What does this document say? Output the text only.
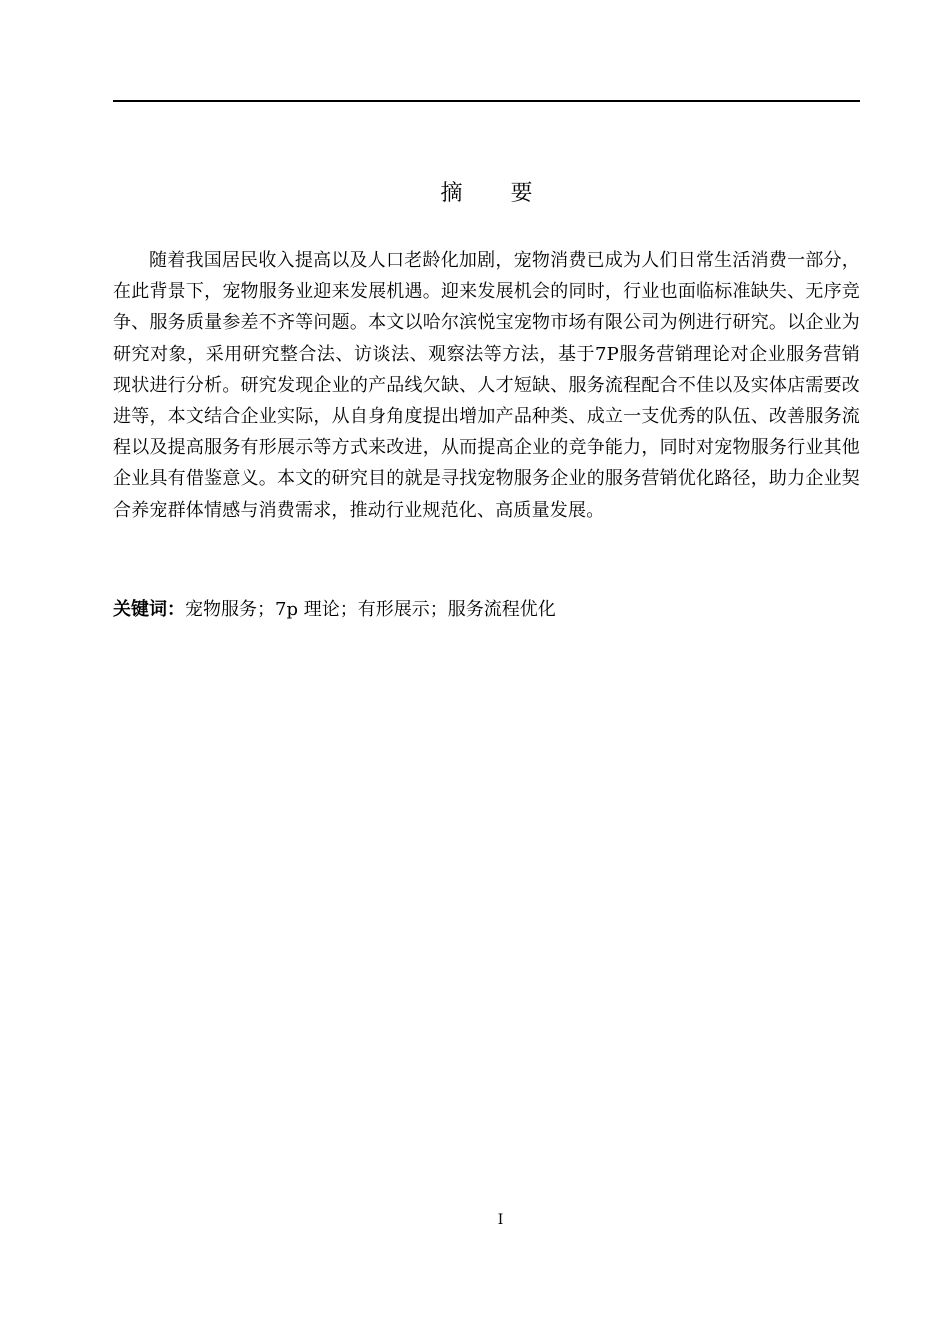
摘 要

随着我国居民收入提高以及人口老龄化加剧，宠物消费已成为人们日常生活消费一部分，在此背景下，宠物服务业迎来发展机遇。迎来发展机会的同时，行业也面临标准缺失、无序竞争、服务质量参差不齐等问题。本文以哈尔滨悦宝宠物市场有限公司为例进行研究。以企业为研究对象，采用研究整合法、访谈法、观察法等方法，基于7P服务营销理论对企业服务营销现状进行分析。研究发现企业的产品线欠缺、人才短缺、服务流程配合不佳以及实体店需要改进等，本文结合企业实际，从自身角度提出增加产品种类、成立一支优秀的队伍、改善服务流程以及提高服务有形展示等方式来改进，从而提高企业的竞争能力，同时对宠物服务行业其他企业具有借鉴意义。本文的研究目的就是寻找宠物服务企业的服务营销优化路径，助力企业契合养宠群体情感与消费需求，推动行业规范化、高质量发展。

关键词：宠物服务；7p 理论；有形展示；服务流程优化

I
